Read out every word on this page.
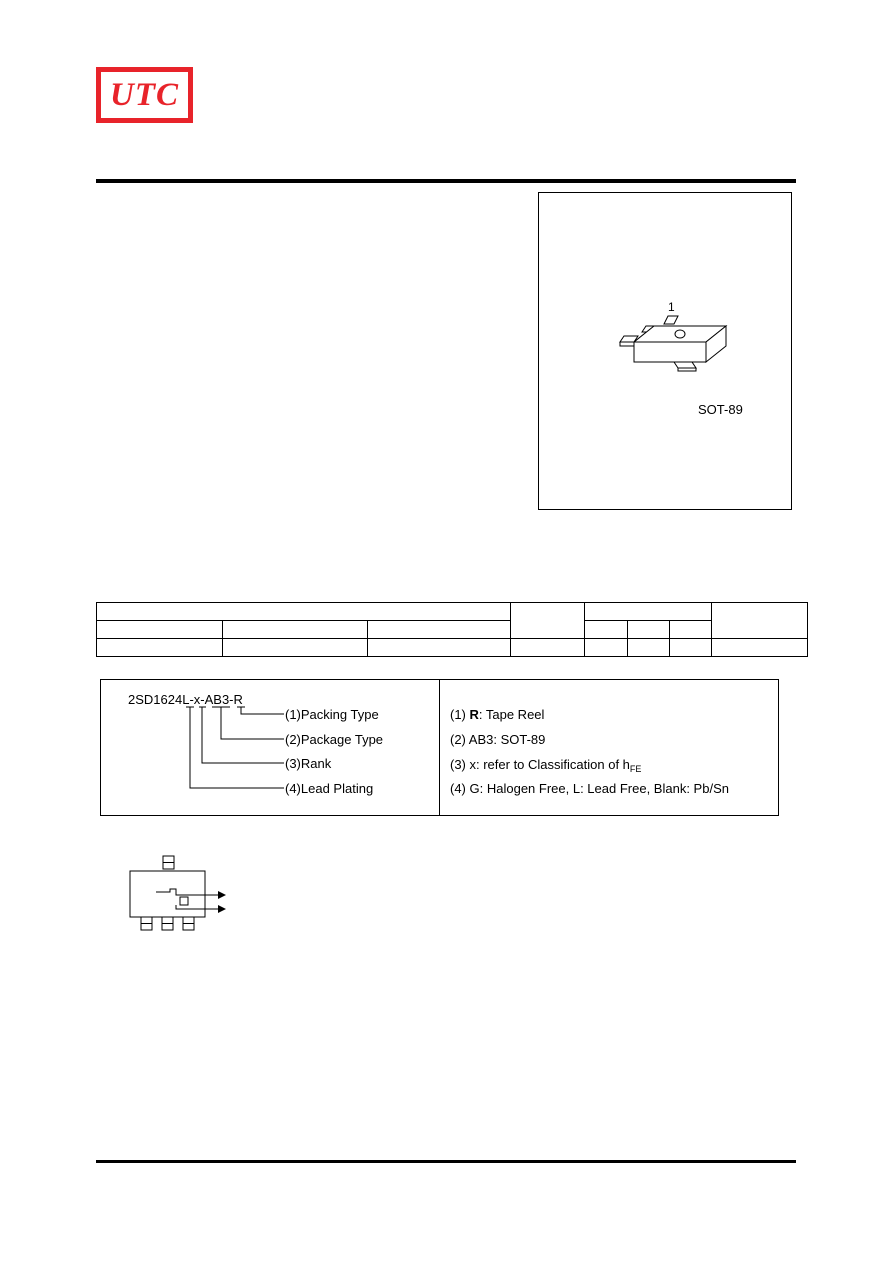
UTC
1
SOT-89

2SD1624L-x-AB3-R
(1)Packing Type
(2)Package Type
(3)Rank
(4)Lead Plating
(1) R: Tape Reel
(2) AB3: SOT-89
(3) x: refer to Classification of $h_{FE}$
(4) G: Halogen Free, L: Lead Free, Blank: Pb/Sn
